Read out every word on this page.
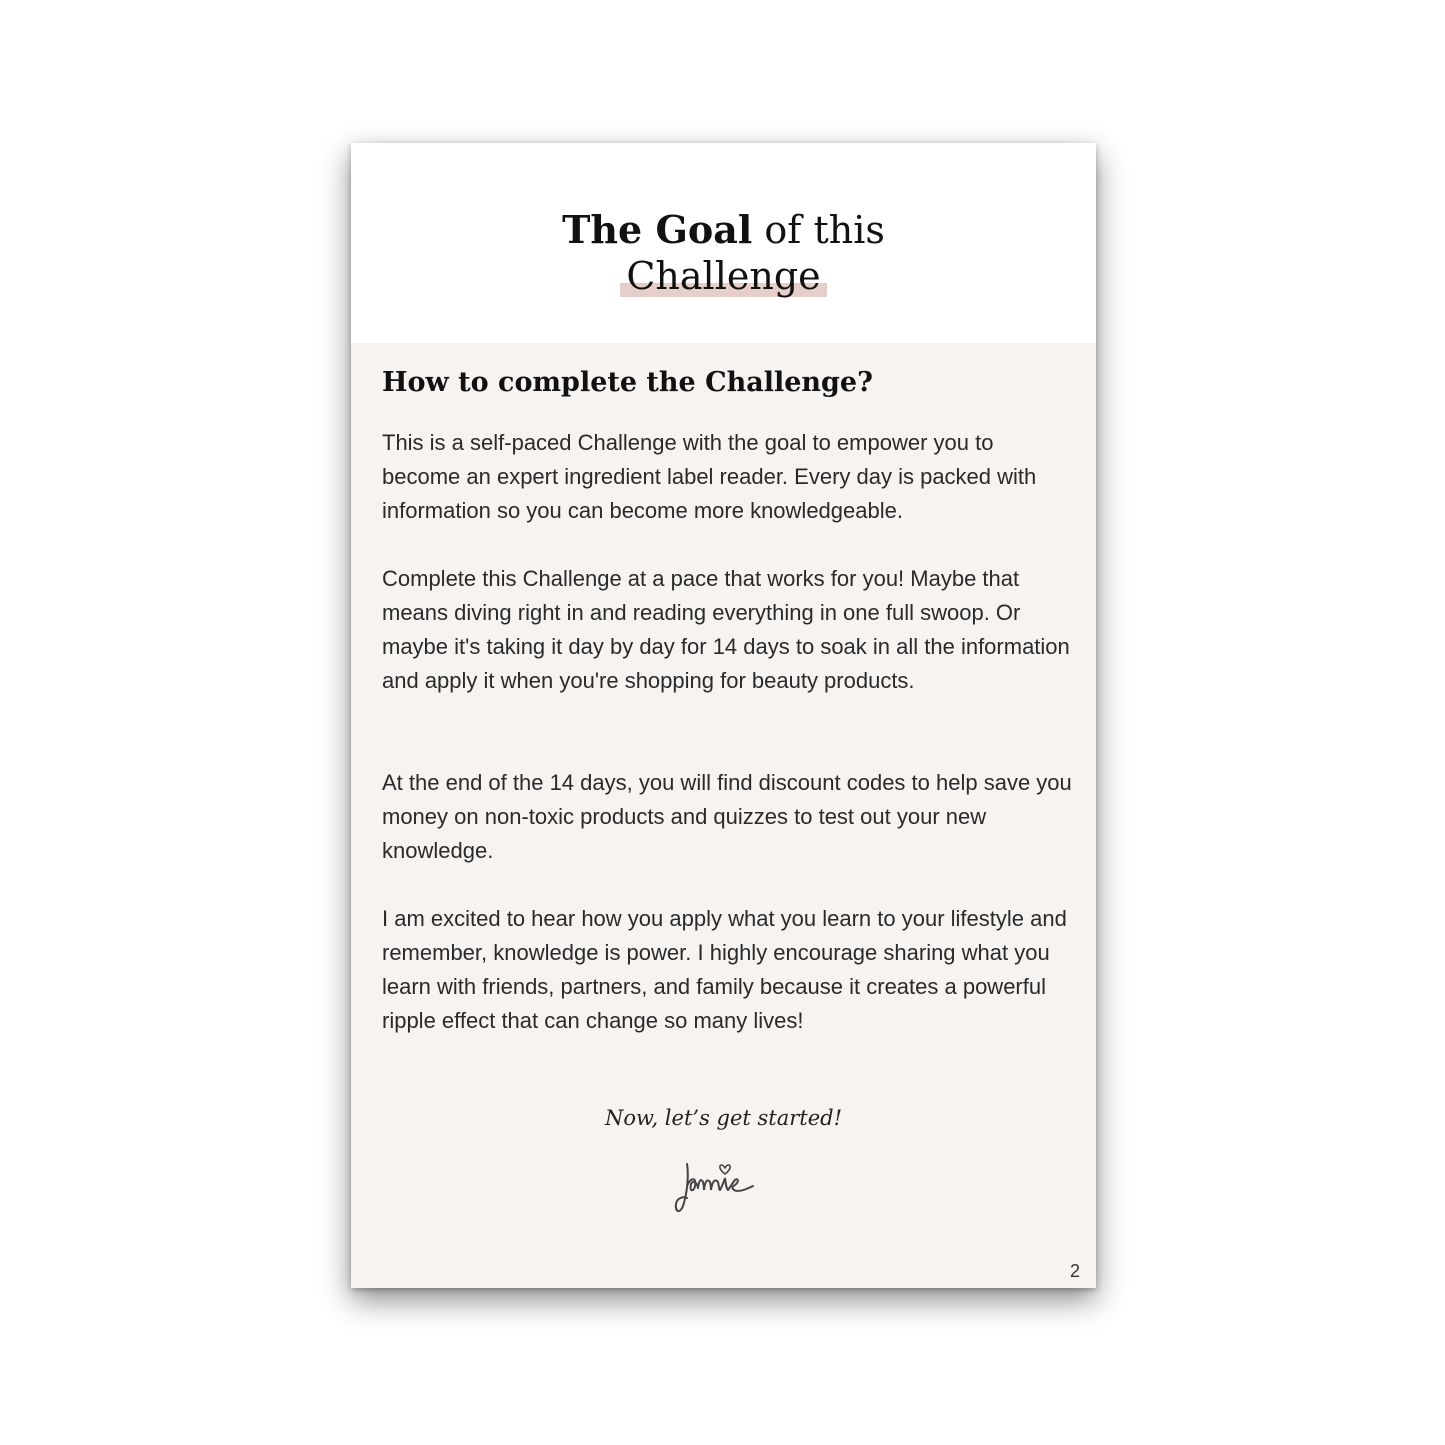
The Goal of this
Challenge
How to complete the Challenge?

This is a self-paced Challenge with the goal to empower you to become an expert ingredient label reader. Every day is packed with information so you can become more knowledgeable.

Complete this Challenge at a pace that works for you! Maybe that means diving right in and reading everything in one full swoop. Or maybe it's taking it day by day for 14 days to soak in all the information and apply it when you're shopping for beauty products.

At the end of the 14 days, you will find discount codes to help save you money on non-toxic products and quizzes to test out your new knowledge.

I am excited to hear how you apply what you learn to your lifestyle and remember, knowledge is power. I highly encourage sharing what you learn with friends, partners, and family because it creates a powerful ripple effect that can change so many lives!

Now, let’s get started!
2
